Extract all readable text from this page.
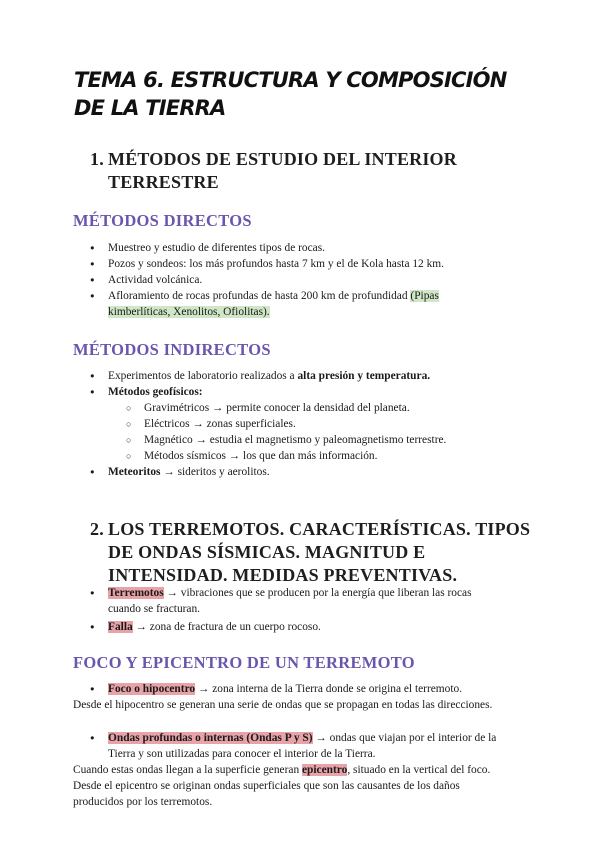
TEMA 6. ESTRUCTURA Y COMPOSICIÓN
DE LA TIERRA
1. MÉTODOS DE ESTUDIO DEL INTERIOR
TERRESTRE
MÉTODOS DIRECTOS
● Muestreo y estudio de diferentes tipos de rocas.
● Pozos y sondeos: los más profundos hasta 7 km y el de Kola hasta 12 km.
● Actividad volcánica.
● Afloramiento de rocas profundas de hasta 200 km de profundidad (Pipas
kimberlíticas, Xenolitos, Ofiolitas).
MÉTODOS INDIRECTOS
● Experimentos de laboratorio realizados a alta presión y temperatura.
● Métodos geofísicos:
○ Gravimétricos → permite conocer la densidad del planeta.
○ Eléctricos → zonas superficiales.
○ Magnético → estudia el magnetismo y paleomagnetismo terrestre.
○ Métodos sísmicos → los que dan más información.
● Meteoritos → sideritos y aerolitos.
2. LOS TERREMOTOS. CARACTERÍSTICAS. TIPOS
DE ONDAS SÍSMICAS. MAGNITUD E
INTENSIDAD. MEDIDAS PREVENTIVAS.
● Terremotos → vibraciones que se producen por la energía que liberan las rocas
cuando se fracturan.
● Falla → zona de fractura de un cuerpo rocoso.
FOCO Y EPICENTRO DE UN TERREMOTO
● Foco o hipocentro → zona interna de la Tierra donde se origina el terremoto.

Desde el hipocentro se generan una serie de ondas que se propagan en todas las direcciones.

● Ondas profundas o internas (Ondas P y S) → ondas que viajan por el interior de la
Tierra y son utilizadas para conocer el interior de la Tierra.

Cuando estas ondas llegan a la superficie generan epicentro, situado en la vertical del foco.

Desde el epicentro se originan ondas superficiales que son las causantes de los daños
producidos por los terremotos.
